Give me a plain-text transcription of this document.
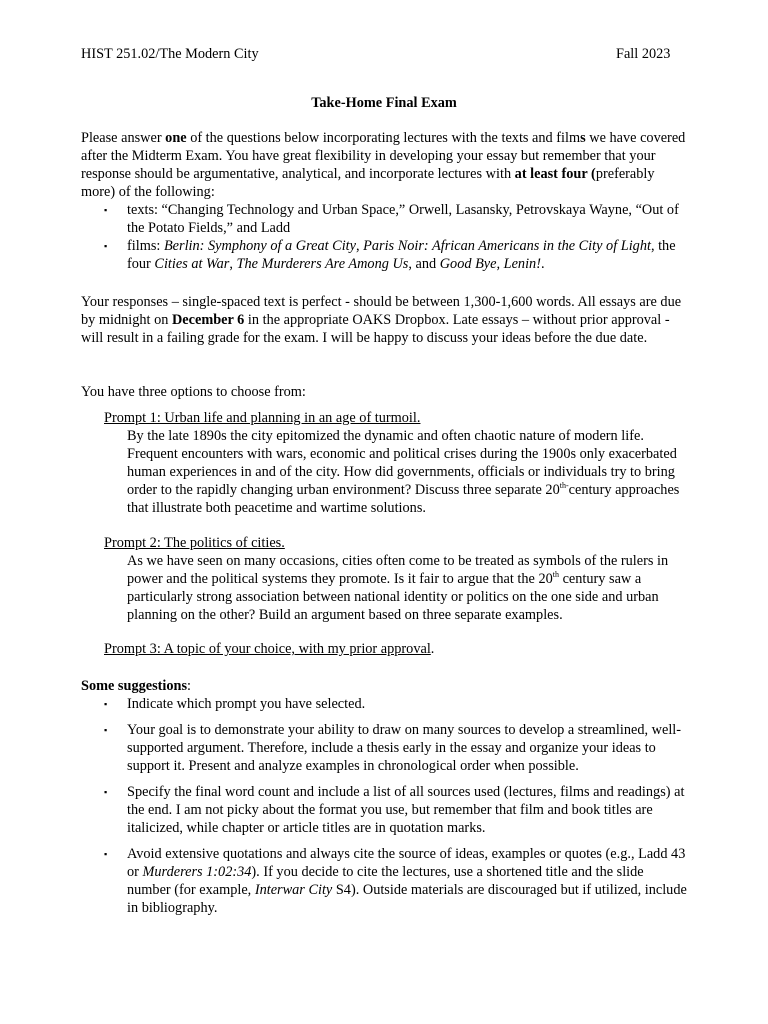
HIST 251.02/The Modern City	Fall 2023
Take-Home Final Exam

Please answer one of the questions below incorporating lectures with the texts and films we have covered after the Midterm Exam. You have great flexibility in developing your essay but remember that your response should be argumentative, analytical, and incorporate lectures with at least four (preferably more) of the following:

▪ texts: “Changing Technology and Urban Space,” Orwell, Lasansky, Petrovskaya Wayne, “Out of the Potato Fields,” and Ladd
▪ films: Berlin: Symphony of a Great City, Paris Noir: African Americans in the City of Light, the four Cities at War, The Murderers Are Among Us, and Good Bye, Lenin!.

Your responses – single-spaced text is perfect - should be between 1,300-1,600 words. All essays are due by midnight on December 6 in the appropriate OAKS Dropbox. Late essays – without prior approval - will result in a failing grade for the exam. I will be happy to discuss your ideas before the due date.

You have three options to choose from:
Prompt 1: Urban life and planning in an age of turmoil.
By the late 1890s the city epitomized the dynamic and often chaotic nature of modern life. Frequent encounters with wars, economic and political crises during the 1900s only exacerbated human experiences in and of the city. How did governments, officials or individuals try to bring order to the rapidly changing urban environment? Discuss three separate $20^{th-}century$ approaches that illustrate both peacetime and wartime solutions.
Prompt 2: The politics of cities.
As we have seen on many occasions, cities often come to be treated as symbols of the rulers in power and the political systems they promote. Is it fair to argue that the 20th century saw a particularly strong association between national identity or politics on the one side and urban planning on the other? Build an argument based on three separate examples.
Prompt 3: A topic of your choice, with my prior approval.

Some suggestions:

▪ Indicate which prompt you have selected.
▪ Your goal is to demonstrate your ability to draw on many sources to develop a streamlined, well-supported argument. Therefore, include a thesis early in the essay and organize your ideas to support it. Present and analyze examples in chronological order when possible.
▪ Specify the final word count and include a list of all sources used (lectures, films and readings) at the end. I am not picky about the format you use, but remember that film and book titles are italicized, while chapter or article titles are in quotation marks.
▪ Avoid extensive quotations and always cite the source of ideas, examples or quotes (e.g., Ladd 43 or Murderers 1:02:34). If you decide to cite the lectures, use a shortened title and the slide number (for example, Interwar City S4). Outside materials are discouraged but if utilized, include in bibliography.
